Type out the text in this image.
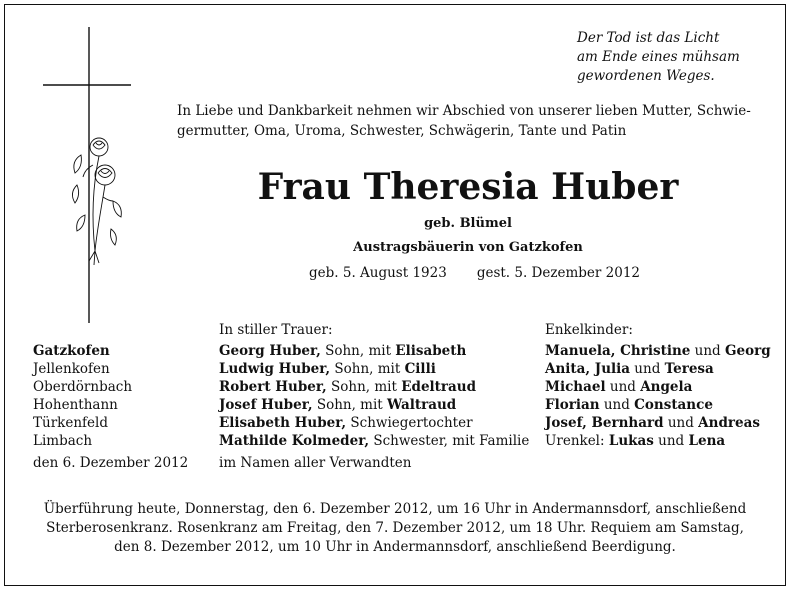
Der Tod ist das Licht
am Ende eines mühsam
gewordenen Weges.
In Liebe und Dankbarkeit nehmen wir Abschied von unserer lieben Mutter, Schwie-
germutter, Oma, Uroma, Schwester, Schwägerin, Tante und Patin
Frau Theresia Huber
geb. Blümel
Austragsbäuerin von Gatzkofen
geb. 5. August 1923 gest. 5. Dezember 2012
Gatzkofen
Jellenkofen
Oberdörnbach
Hohenthann
Türkenfeld
Limbach
den 6. Dezember 2012
In stiller Trauer:
Georg Huber, Sohn, mit Elisabeth
Ludwig Huber, Sohn, mit Cilli
Robert Huber, Sohn, mit Edeltraud
Josef Huber, Sohn, mit Waltraud
Elisabeth Huber, Schwiegertochter
Mathilde Kolmeder, Schwester, mit Familie
im Namen aller Verwandten
Enkelkinder:
Manuela, Christine und Georg
Anita, Julia und Teresa
Michael und Angela
Florian und Constance
Josef, Bernhard und Andreas
Urenkel: Lukas und Lena
Überführung heute, Donnerstag, den 6. Dezember 2012, um 16 Uhr in Andermannsdorf, anschließend
Sterberosenkranz. Rosenkranz am Freitag, den 7. Dezember 2012, um 18 Uhr. Requiem am Samstag,
den 8. Dezember 2012, um 10 Uhr in Andermannsdorf, anschließend Beerdigung.
